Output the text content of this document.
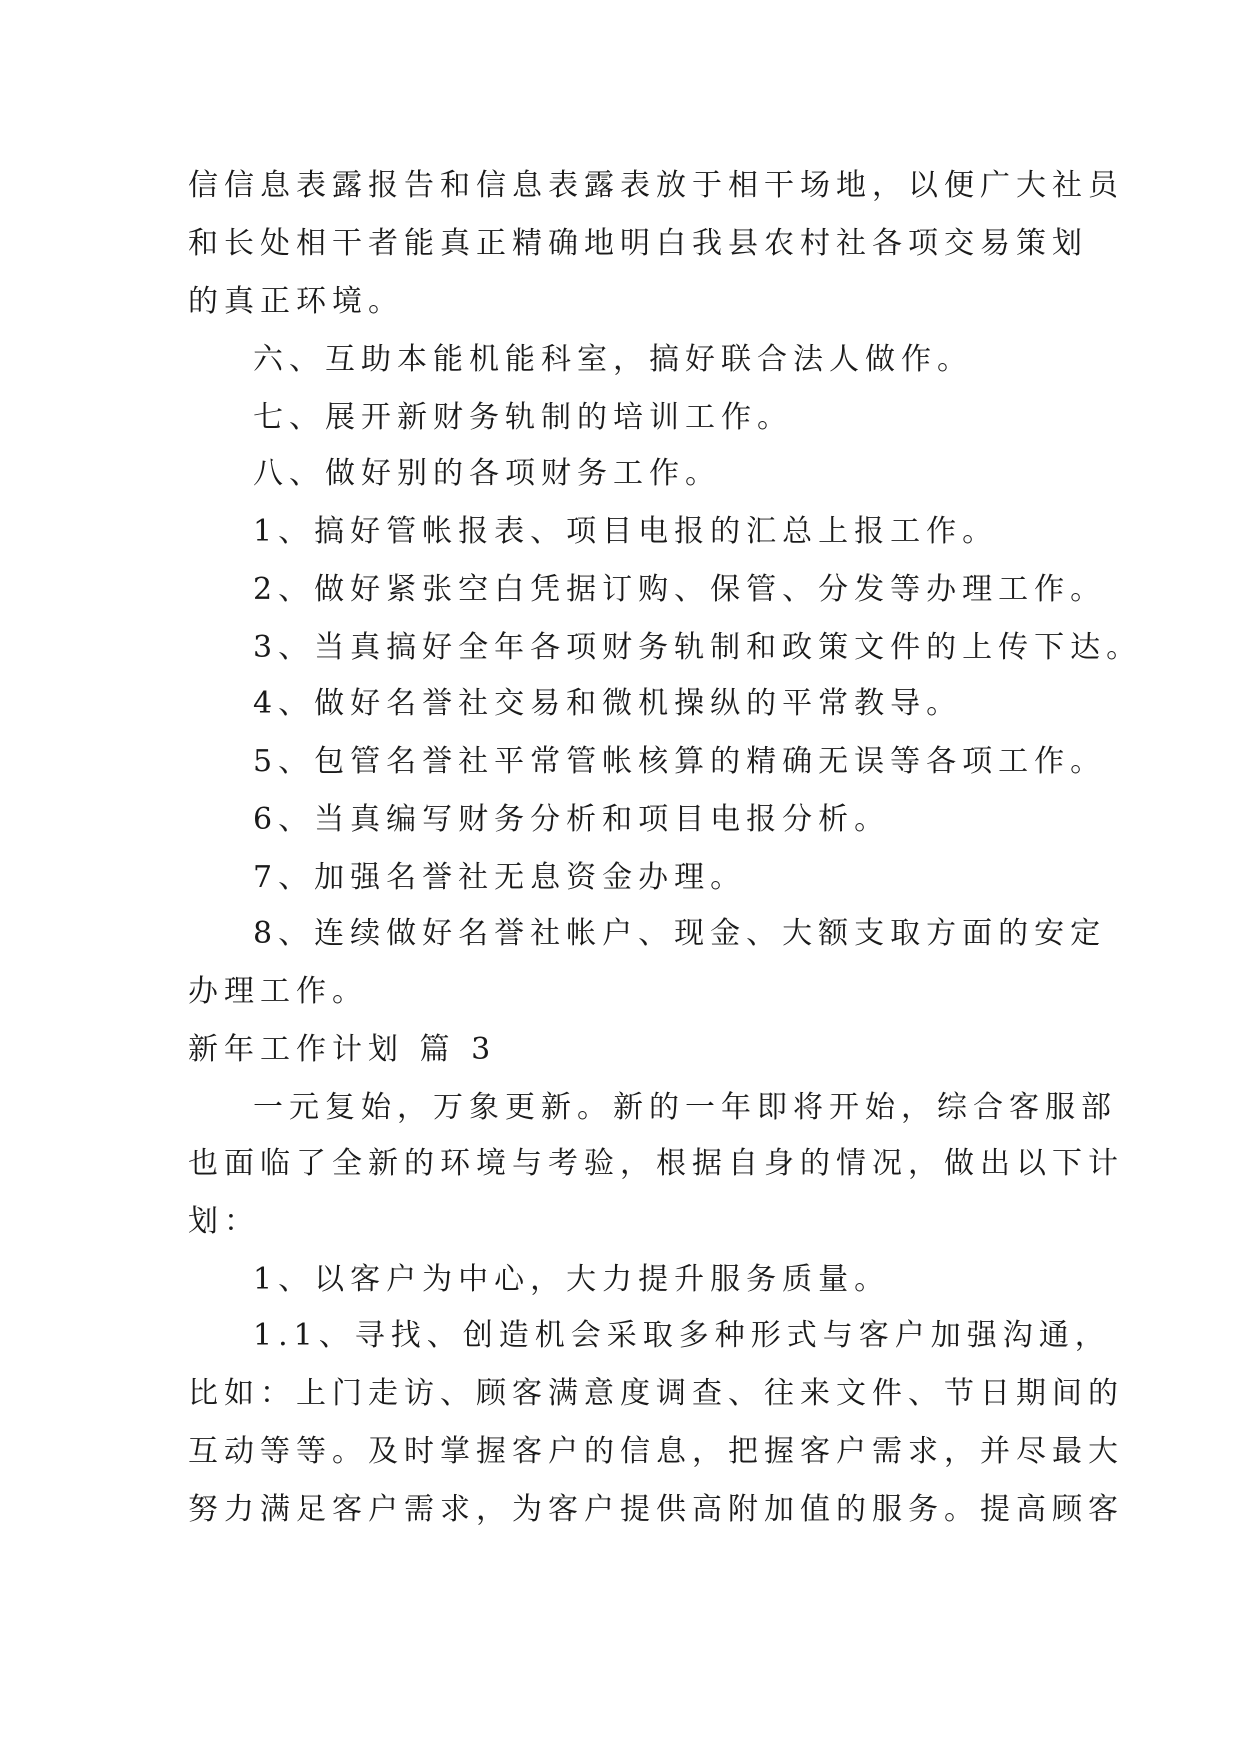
信信息表露报告和信息表露表放于相干场地，以便广大社员
和长处相干者能真正精确地明白我县农村社各项交易策划
的真正环境。
六、互助本能机能科室，搞好联合法人做作。
七、展开新财务轨制的培训工作。
八、做好别的各项财务工作。
1、搞好管帐报表、项目电报的汇总上报工作。
2、做好紧张空白凭据订购、保管、分发等办理工作。
3、当真搞好全年各项财务轨制和政策文件的上传下达。
4、做好名誉社交易和微机操纵的平常教导。
5、包管名誉社平常管帐核算的精确无误等各项工作。
6、当真编写财务分析和项目电报分析。
7、加强名誉社无息资金办理。
8、连续做好名誉社帐户、现金、大额支取方面的安定
办理工作。
新年工作计划 篇 3
一元复始，万象更新。新的一年即将开始，综合客服部
也面临了全新的环境与考验，根据自身的情况，做出以下计
划：
1、以客户为中心，大力提升服务质量。
1.1、寻找、创造机会采取多种形式与客户加强沟通，
比如：上门走访、顾客满意度调查、往来文件、节日期间的
互动等等。及时掌握客户的信息，把握客户需求，并尽最大
努力满足客户需求，为客户提供高附加值的服务。提高顾客
